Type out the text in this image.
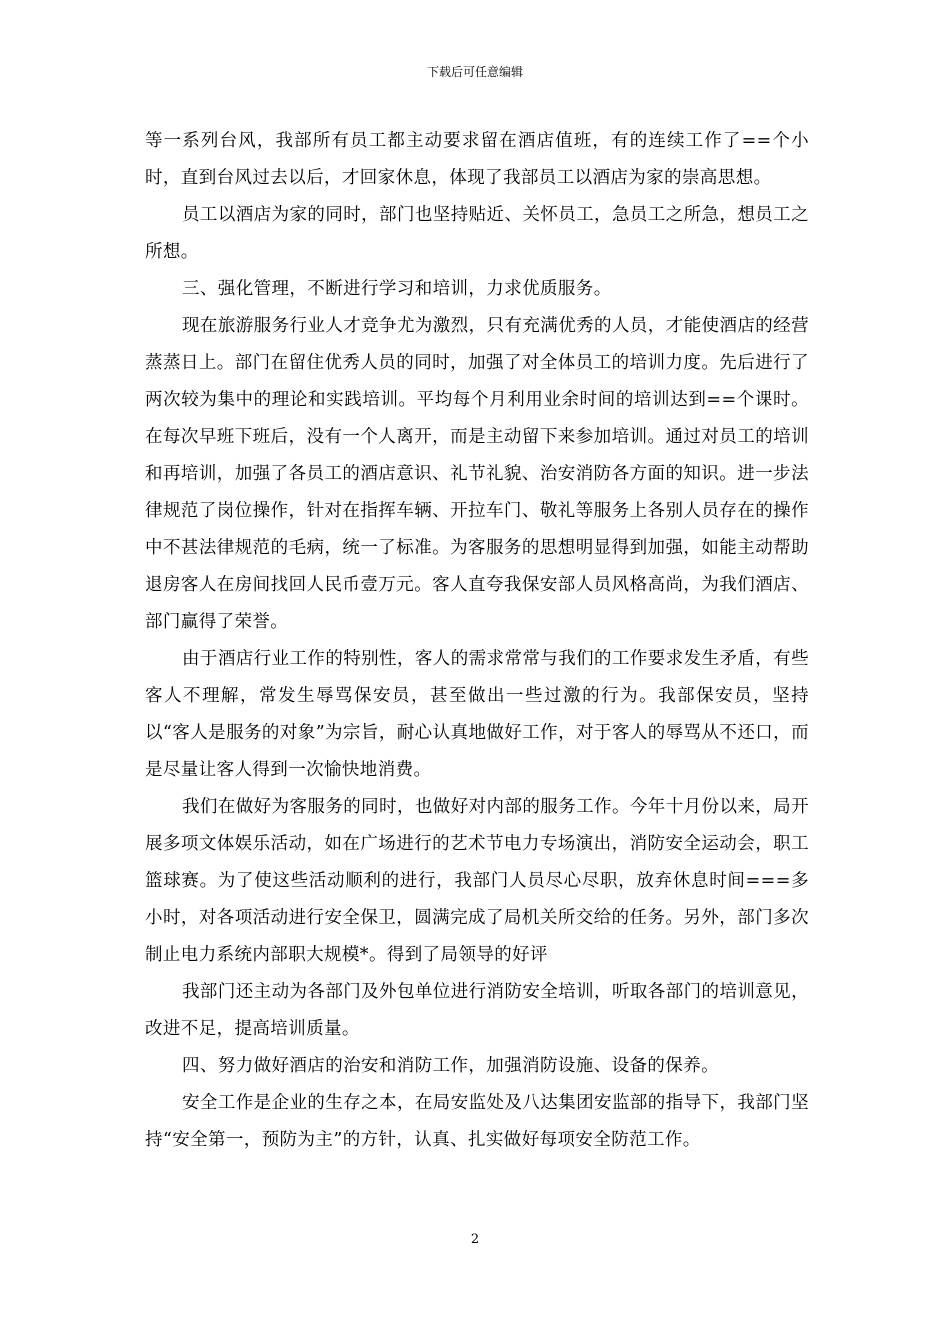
下载后可任意编辑

等一系列台风，我部所有员工都主动要求留在酒店值班，有的连续工作了==个小时，直到台风过去以后，才回家休息，体现了我部员工以酒店为家的崇高思想。

员工以酒店为家的同时，部门也坚持贴近、关怀员工，急员工之所急，想员工之所想。

三、强化管理，不断进行学习和培训，力求优质服务。

现在旅游服务行业人才竞争尤为激烈，只有充满优秀的人员，才能使酒店的经营蒸蒸日上。部门在留住优秀人员的同时，加强了对全体员工的培训力度。先后进行了两次较为集中的理论和实践培训。平均每个月利用业余时间的培训达到==个课时。在每次早班下班后，没有一个人离开，而是主动留下来参加培训。通过对员工的培训和再培训，加强了各员工的酒店意识、礼节礼貌、治安消防各方面的知识。进一步法律规范了岗位操作，针对在指挥车辆、开拉车门、敬礼等服务上各别人员存在的操作中不甚法律规范的毛病，统一了标准。为客服务的思想明显得到加强，如能主动帮助退房客人在房间找回人民币壹万元。客人直夸我保安部人员风格高尚，为我们酒店、部门赢得了荣誉。

由于酒店行业工作的特别性，客人的需求常常与我们的工作要求发生矛盾，有些客人不理解，常发生辱骂保安员，甚至做出一些过激的行为。我部保安员，坚持以“客人是服务的对象”为宗旨，耐心认真地做好工作，对于客人的辱骂从不还口，而是尽量让客人得到一次愉快地消费。

我们在做好为客服务的同时，也做好对内部的服务工作。今年十月份以来，局开展多项文体娱乐活动，如在广场进行的艺术节电力专场演出，消防安全运动会，职工篮球赛。为了使这些活动顺利的进行，我部门人员尽心尽职，放弃休息时间===多小时，对各项活动进行安全保卫，圆满完成了局机关所交给的任务。另外，部门多次制止电力系统内部职大规模*。得到了局领导的好评

我部门还主动为各部门及外包单位进行消防安全培训，听取各部门的培训意见，改进不足，提高培训质量。

四、努力做好酒店的治安和消防工作，加强消防设施、设备的保养。

安全工作是企业的生存之本，在局安监处及八达集团安监部的指导下，我部门坚持“安全第一，预防为主”的方针，认真、扎实做好每项安全防范工作。

2
